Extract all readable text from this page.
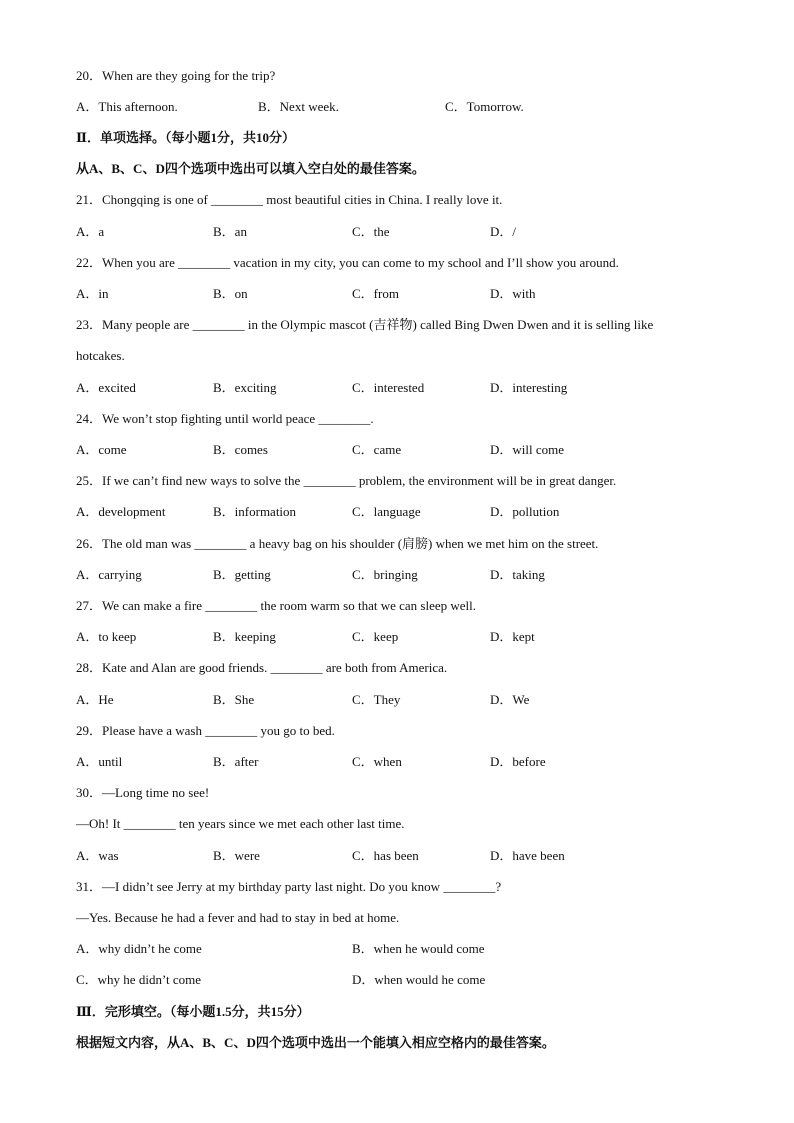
20．When are they going for the trip?
A．This afternoon.	B．Next week.	C．Tomorrow.
Ⅱ．单项选择。（每小题1分，共10分）
从A、B、C、D四个选项中选出可以填入空白处的最佳答案。
21．Chongqing is one of ________ most beautiful cities in China. I really love it.
A．a	B．an	C．the	D．/
22．When you are ________ vacation in my city, you can come to my school and I’ll show you around.
A．in	B．on	C．from	D．with
23．Many people are ________ in the Olympic mascot (吉祥物) called Bing Dwen Dwen and it is selling like
hotcakes.
A．excited	B．exciting	C．interested	D．interesting
24．We won’t stop fighting until world peace ________.
A．come	B．comes	C．came	D．will come
25．If we can’t find new ways to solve the ________ problem, the environment will be in great danger.
A．development	B．information	C．language	D．pollution
26．The old man was ________ a heavy bag on his shoulder (肩膀) when we met him on the street.
A．carrying	B．getting	C．bringing	D．taking
27．We can make a fire ________ the room warm so that we can sleep well.
A．to keep	B．keeping	C．keep	D．kept
28．Kate and Alan are good friends. ________ are both from America.
A．He	B．She	C．They	D．We
29．Please have a wash ________ you go to bed.
A．until	B．after	C．when	D．before
30．—Long time no see!
—Oh! It ________ ten years since we met each other last time.
A．was	B．were	C．has been	D．have been
31．—I didn’t see Jerry at my birthday party last night. Do you know ________?
—Yes. Because he had a fever and had to stay in bed at home.
A．why didn’t he come	B．when he would come
C．why he didn’t come	D．when would he come
Ⅲ．完形填空。（每小题1.5分，共15分）
根据短文内容，从A、B、C、D四个选项中选出一个能填入相应空格内的最佳答案。
